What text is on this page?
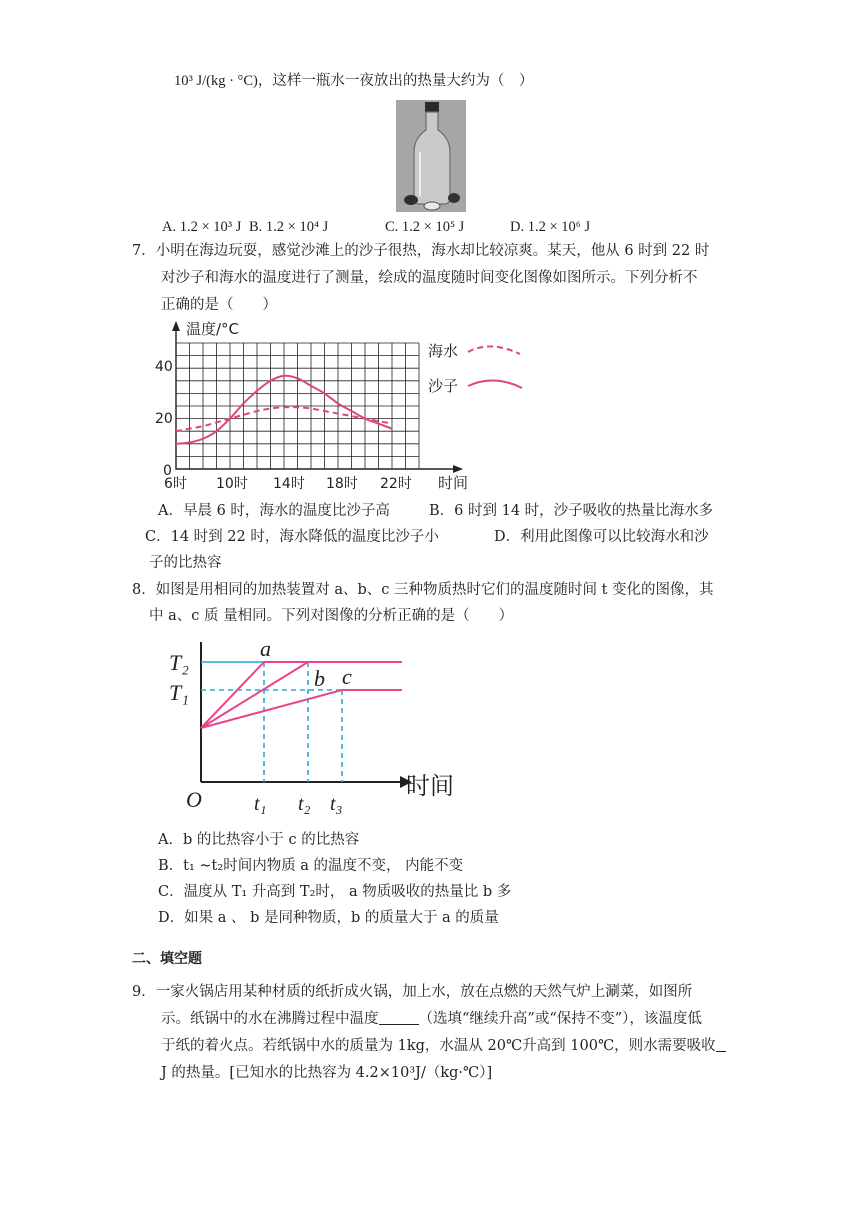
10³ J/(kg · °C)，这样一瓶水一夜放出的热量大约为（　）
A. 1.2 × 10³ J B. 1.2 × 10⁴ J	C. 1.2 × 10⁵ J	D. 1.2 × 10⁶ J
7．小明在海边玩耍，感觉沙滩上的沙子很热，海水却比较凉爽。某天，他从 6 时到 22 时
对沙子和海水的温度进行了测量，绘成的温度随时间变化图像如图所示。下列分析不
正确的是（　　）
温度/°C
时间
0
20
40
6时 10时 14时 18时 22时
海水
沙子
A．早晨 6 时，海水的温度比沙子高	B．6 时到 14 时，沙子吸收的热量比海水多
C．14 时到 22 时，海水降低的温度比沙子小	D．利用此图像可以比较海水和沙
子的比热容
8．如图是用相同的加热装置对 a、b、c 三种物质热时它们的温度随时间 t 变化的图像，其
中 a、c 质 量相同。下列对图像的分析正确的是（　　）
T₂
T₁
O
a
b c
t₁ t₂ t₃
时间
A．b 的比热容小于 c 的比热容
B．t₁ ~t₂时间内物质 a 的温度不变， 内能不变
C．温度从 T₁ 升高到 T₂时， a 物质吸收的热量比 b 多
D．如果 a 、 b 是同种物质，b 的质量大于 a 的质量
二、填空题
9．一家火锅店用某种材质的纸折成火锅，加上水，放在点燃的天然气炉上涮菜，如图所
示。纸锅中的水在沸腾过程中温度	（选填“继续升高”或“保持不变”），该温度低
于纸的着火点。若纸锅中水的质量为 1kg，水温从 20℃升高到 100℃，则水需要吸收
J 的热量。[已知水的比热容为 4.2×10³J/（kg·℃）]
